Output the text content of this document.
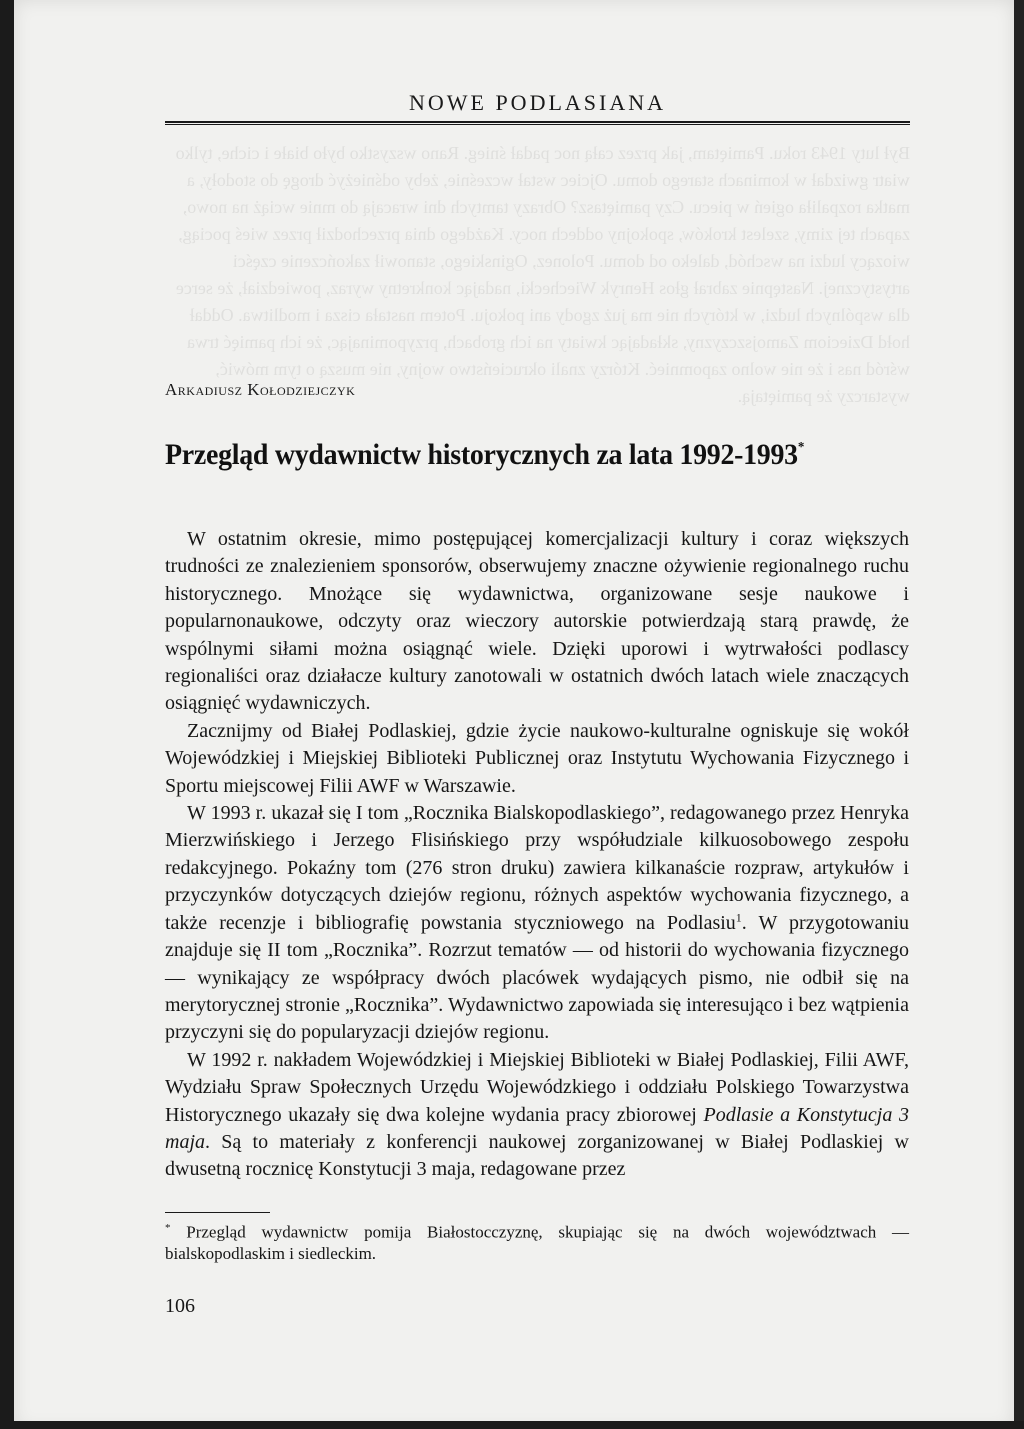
NOWE PODLASIANA
Arkadiusz Kołodziejczyk
Przegląd wydawnictw historycznych za lata 1992-1993*

W ostatnim okresie, mimo postępującej komercjalizacji kultury i coraz większych trudności ze znalezieniem sponsorów, obserwujemy znaczne ożywienie regionalnego ruchu historycznego. Mnożące się wydawnictwa, organizowane sesje naukowe i popularnonaukowe, odczyty oraz wieczory autorskie potwierdzają starą prawdę, że wspólnymi siłami można osiągnąć wiele. Dzięki uporowi i wytrwałości podlascy regionaliści oraz działacze kultury zanotowali w ostatnich dwóch latach wiele znaczących osiągnięć wydawniczych.

Zacznijmy od Białej Podlaskiej, gdzie życie naukowo-kulturalne ogniskuje się wokół Wojewódzkiej i Miejskiej Biblioteki Publicznej oraz Instytutu Wychowania Fizycznego i Sportu miejscowej Filii AWF w Warszawie.

W 1993 r. ukazał się I tom „Rocznika Bialskopodlaskiego”, redagowanego przez Henryka Mierzwińskiego i Jerzego Flisińskiego przy współudziale kilkuosobowego zespołu redakcyjnego. Pokaźny tom (276 stron druku) zawiera kilkanaście rozpraw, artykułów i przyczynków dotyczących dziejów regionu, różnych aspektów wychowania fizycznego, a także recenzje i bibliografię powstania styczniowego na Podlasiu$^1$. W przygotowaniu znajduje się II tom „Rocznika”. Rozrzut tematów — od historii do wychowania fizycznego — wynikający ze współpracy dwóch placówek wydających pismo, nie odbił się na merytorycznej stronie „Rocznika”. Wydawnictwo zapowiada się interesująco i bez wątpienia przyczyni się do popularyzacji dziejów regionu.

W 1992 r. nakładem Wojewódzkiej i Miejskiej Biblioteki w Białej Podlaskiej, Filii AWF, Wydziału Spraw Społecznych Urzędu Wojewódzkiego i oddziału Polskiego Towarzystwa Historycznego ukazały się dwa kolejne wydania pracy zbiorowej Podlasie a Konstytucja 3 maja. Są to materiały z konferencji naukowej zorganizowanej w Białej Podlaskiej w dwusetną rocznicę Konstytucji 3 maja, redagowane przez

* Przegląd wydawnictw pomija Białostocczyznę, skupiając się na dwóch województwach — bialskopodlaskim i siedleckim.
106
